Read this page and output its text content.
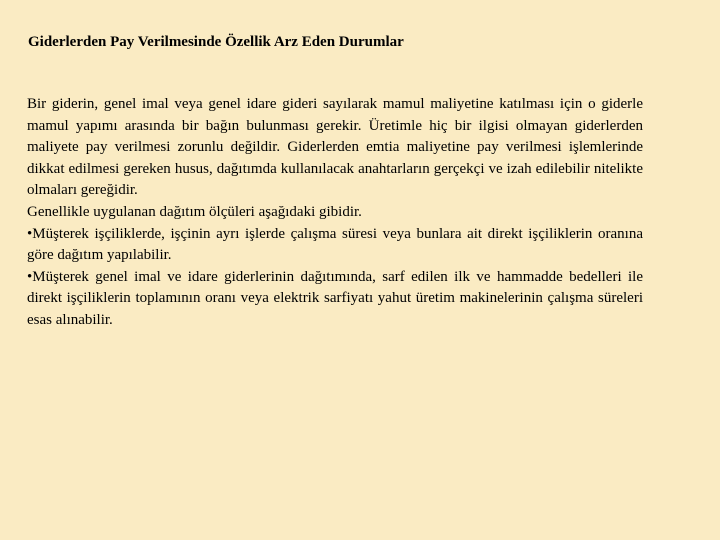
Giderlerden Pay Verilmesinde Özellik Arz Eden Durumlar

Bir giderin, genel imal veya genel idare gideri sayılarak mamul maliyetine katılması için o giderle mamul yapımı arasında bir bağın bulunması gerekir. Üretimle hiç bir ilgisi olmayan giderlerden maliyete pay verilmesi zorunlu değildir. Giderlerden emtia maliyetine pay verilmesi işlemlerinde dikkat edilmesi gereken husus, dağıtımda kullanılacak anahtarların gerçekçi ve izah edilebilir nitelikte olmaları gereğidir.

Genellikle uygulanan dağıtım ölçüleri aşağıdaki gibidir.

•Müşterek işçiliklerde, işçinin ayrı işlerde çalışma süresi veya bunlara ait direkt işçiliklerin oranına göre dağıtım yapılabilir.

•Müşterek genel imal ve idare giderlerinin dağıtımında, sarf edilen ilk ve hammadde bedelleri ile direkt işçiliklerin toplamının oranı veya elektrik sarfiyatı yahut üretim makinelerinin çalışma süreleri esas alınabilir.
